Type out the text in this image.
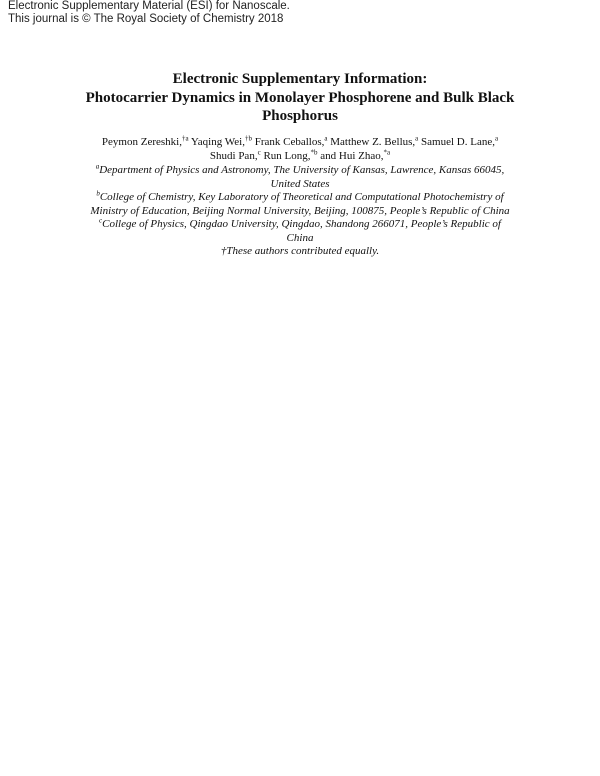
Electronic Supplementary Material (ESI) for Nanoscale.
This journal is © The Royal Society of Chemistry 2018
Electronic Supplementary Information:
Photocarrier Dynamics in Monolayer Phosphorene and Bulk Black
Phosphorus
Peymon Zereshki,$^{\dagger a}$ Yaqing Wei,$^{\dagger b}$ Frank Ceballos,$^a$ Matthew Z. Bellus,$^a$ Samuel D. Lane,$^a$
Shudi Pan,$^c$ Run Long,$^{*b}$ and Hui Zhao,$^{*a}$
$^a$Department of Physics and Astronomy, The University of Kansas, Lawrence, Kansas 66045,
United States
$^b$College of Chemistry, Key Laboratory of Theoretical and Computational Photochemistry of
Ministry of Education, Beijing Normal University, Beijing, 100875, People’s Republic of China
$^c$College of Physics, Qingdao University, Qingdao, Shandong 266071, People’s Republic of
China
†These authors contributed equally.
